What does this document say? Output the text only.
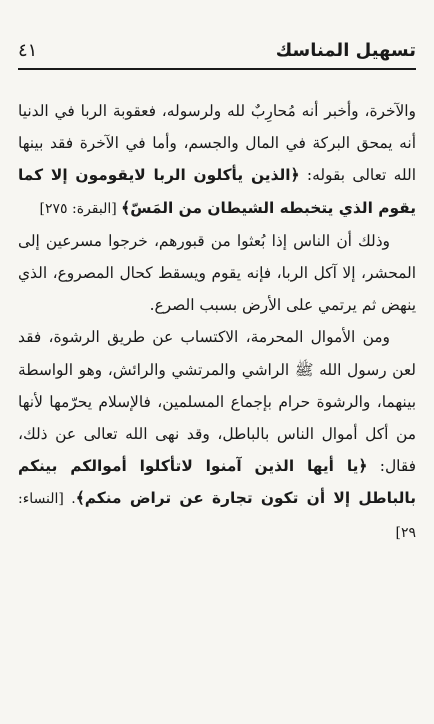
تسهيل المناسك
٤١

والآخرة، وأخبر أنه مُحارِبٌ لله ولرسوله، فعقوبة الربا في الدنيا أنه يمحق البركة في المال والجسم، وأما في الآخرة فقد بينها الله تعالى بقوله: ﴿الذين يأكلون الربا لايقومون إلا كما يقوم الذي يتخبطه الشيطان من المَسّ﴾ [البقرة: ٢٧٥]

وذلك أن الناس إذا بُعثوا من قبورهم، خرجوا مسرعين إلى المحشر، إلا آكل الربا، فإنه يقوم ويسقط كحال المصروع، الذي ينهض ثم يرتمي على الأرض بسبب الصرع.

ومن الأموال المحرمة، الاكتساب عن طريق الرشوة، فقد لعن رسول الله ﷺ الراشي والمرتشي والرائش، وهو الواسطة بينهما، والرشوة حرام بإجماع المسلمين، فالإسلام يحرّمها لأنها من أكل أموال الناس بالباطل، وقد نهى الله تعالى عن ذلك، فقال: ﴿يا أيها الذين آمنوا لاتأكلوا أموالكم بينكم بالباطل إلا أن تكون تجارة عن تراض منكم﴾. [النساء: ٢٩]
